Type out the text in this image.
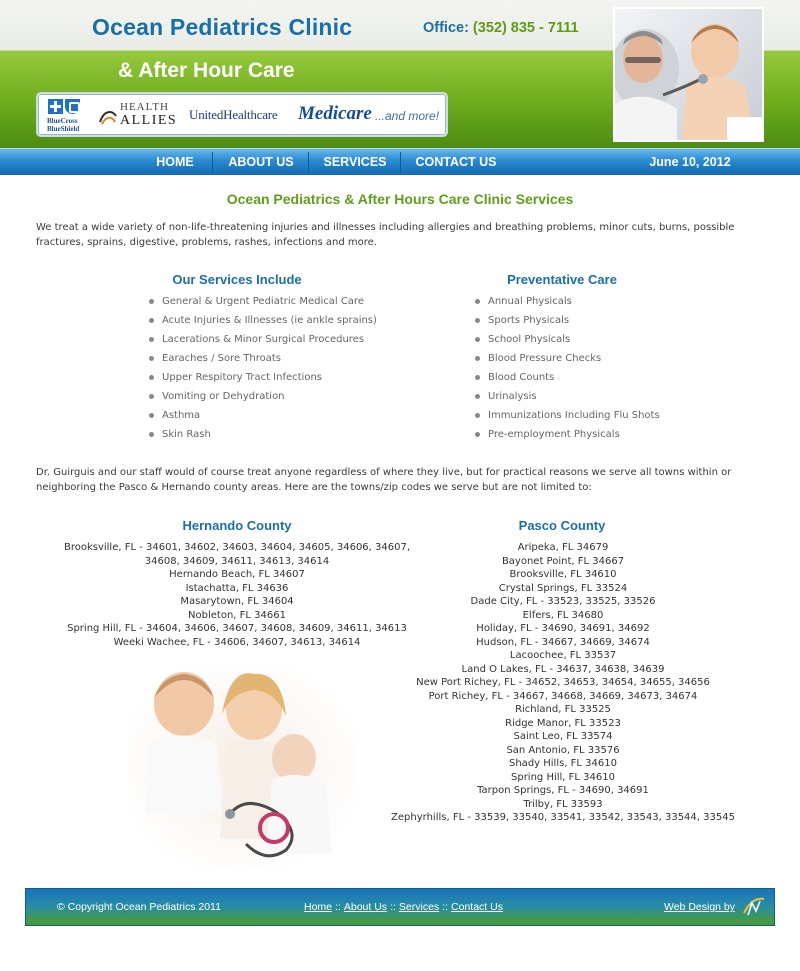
Ocean Pediatrics Clinic
& After Hour Care
Office: (352) 835 - 7111
BlueCross BlueShield
HEALTH
ALLIES UnitedHealthcare Medicare ...and more!
HOME	ABOUT US	SERVICES	CONTACT US	June 10, 2012
Ocean Pediatrics & After Hours Care Clinic Services

We treat a wide variety of non-life-threatening injuries and illnesses including allergies and breathing problems, minor cuts, burns, possible fractures, sprains, digestive, problems, rashes, infections and more.

Our Services Include
General & Urgent Pediatric Medical Care
Acute Injuries & Illnesses (ie ankle sprains)
Lacerations & Minor Surgical Procedures
Earaches / Sore Throats
Upper Respitory Tract Infections
Vomiting or Dehydration
Asthma
Skin Rash
Preventative Care
Annual Physicals
Sports Physicals
School Physicals
Blood Pressure Checks
Blood Counts
Urinalysis
Immunizations Including Flu Shots
Pre-employment Physicals

Dr. Guirguis and our staff would of course treat anyone regardless of where they live, but for practical reasons we serve all towns within or neighboring the Pasco & Hernando county areas. Here are the towns/zip codes we serve but are not limited to:

Hernando County
Brooksville, FL - 34601, 34602, 34603, 34604, 34605, 34606, 34607,
34608, 34609, 34611, 34613, 34614
Hernando Beach, FL 34607
Istachatta, FL 34636
Masarytown, FL 34604
Nobleton, FL 34661
Spring Hill, FL - 34604, 34606, 34607, 34608, 34609, 34611, 34613
Weeki Wachee, FL - 34606, 34607, 34613, 34614
Pasco County
Aripeka, FL 34679
Bayonet Point, FL 34667
Brooksville, FL 34610
Crystal Springs, FL 33524
Dade City, FL - 33523, 33525, 33526
Elfers, FL 34680
Holiday, FL - 34690, 34691, 34692
Hudson, FL - 34667, 34669, 34674
Lacoochee, FL 33537
Land O Lakes, FL - 34637, 34638, 34639
New Port Richey, FL - 34652, 34653, 34654, 34655, 34656
Port Richey, FL - 34667, 34668, 34669, 34673, 34674
Richland, FL 33525
Ridge Manor, FL 33523
Saint Leo, FL 33574
San Antonio, FL 33576
Shady Hills, FL 34610
Spring Hill, FL 34610
Tarpon Springs, FL - 34690, 34691
Trilby, FL 33593
Zephyrhills, FL - 33539, 33540, 33541, 33542, 33543, 33544, 33545
© Copyright Ocean Pediatrics 2011	Home :: About Us :: Services :: Contact Us	Web Design by
